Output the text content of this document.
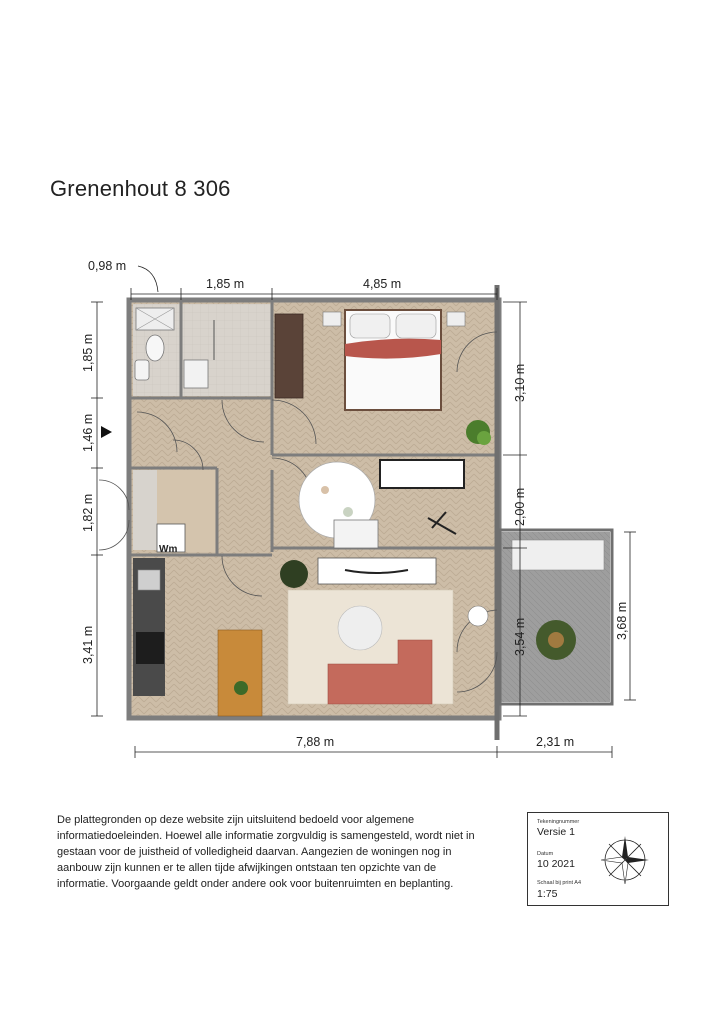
Grenenhout 8 306
Wm
0,98 m
1,85 m	4,85 m
1,85 m
1,46 m
1,82 m
3,41 m
3,10 m
2,00 m
3,54 m	3,68 m
7,88 m	2,31 m
De plattegronden op deze website zijn uitsluitend bedoeld voor algemene informatiedoeleinden. Hoewel alle informatie zorgvuldig is samengesteld, wordt niet in gestaan voor de juistheid of volledigheid daarvan. Aangezien de woningen nog in aanbouw zijn kunnen er te allen tijde afwijkingen ontstaan ten opzichte van de informatie. Voorgaande geldt onder andere ook voor buitenruimten en beplanting.
Tekeningnummer
Versie 1
Datum
10 2021
Schaal bij print A4
1:75
